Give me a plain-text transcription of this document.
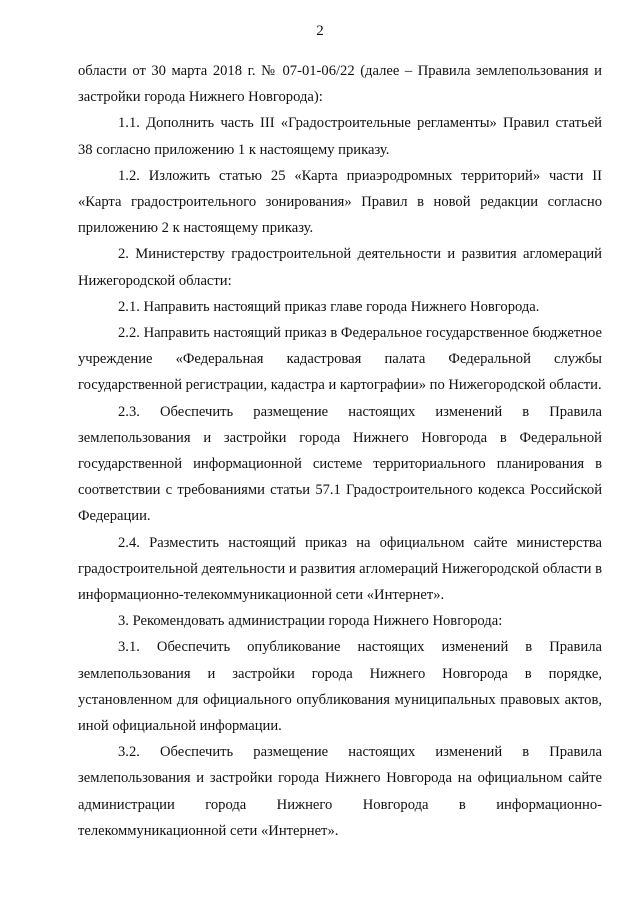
2

области от 30 марта 2018 г. № 07-01-06/22 (далее – Правила землепользования и застройки города Нижнего Новгорода):

1.1. Дополнить часть III «Градостроительные регламенты» Правил статьей 38 согласно приложению 1 к настоящему приказу.

1.2. Изложить статью 25 «Карта приаэродромных территорий» части II «Карта градостроительного зонирования» Правил в новой редакции согласно приложению 2 к настоящему приказу.

2. Министерству градостроительной деятельности и развития агломераций Нижегородской области:

2.1. Направить настоящий приказ главе города Нижнего Новгорода.

2.2. Направить настоящий приказ в Федеральное государственное бюджетное учреждение «Федеральная кадастровая палата Федеральной службы государственной регистрации, кадастра и картографии» по Нижегородской области.

2.3. Обеспечить размещение настоящих изменений в Правила землепользования и застройки города Нижнего Новгорода в Федеральной государственной информационной системе территориального планирования в соответствии с требованиями статьи 57.1 Градостроительного кодекса Российской Федерации.

2.4. Разместить настоящий приказ на официальном сайте министерства градостроительной деятельности и развития агломераций Нижегородской области в информационно-телекоммуникационной сети «Интернет».

3. Рекомендовать администрации города Нижнего Новгорода:

3.1. Обеспечить опубликование настоящих изменений в Правила землепользования и застройки города Нижнего Новгорода в порядке, установленном для официального опубликования муниципальных правовых актов, иной официальной информации.

3.2. Обеспечить размещение настоящих изменений в Правила землепользования и застройки города Нижнего Новгорода на официальном сайте администрации города Нижнего Новгорода в информационно-телекоммуникационной сети «Интернет».
